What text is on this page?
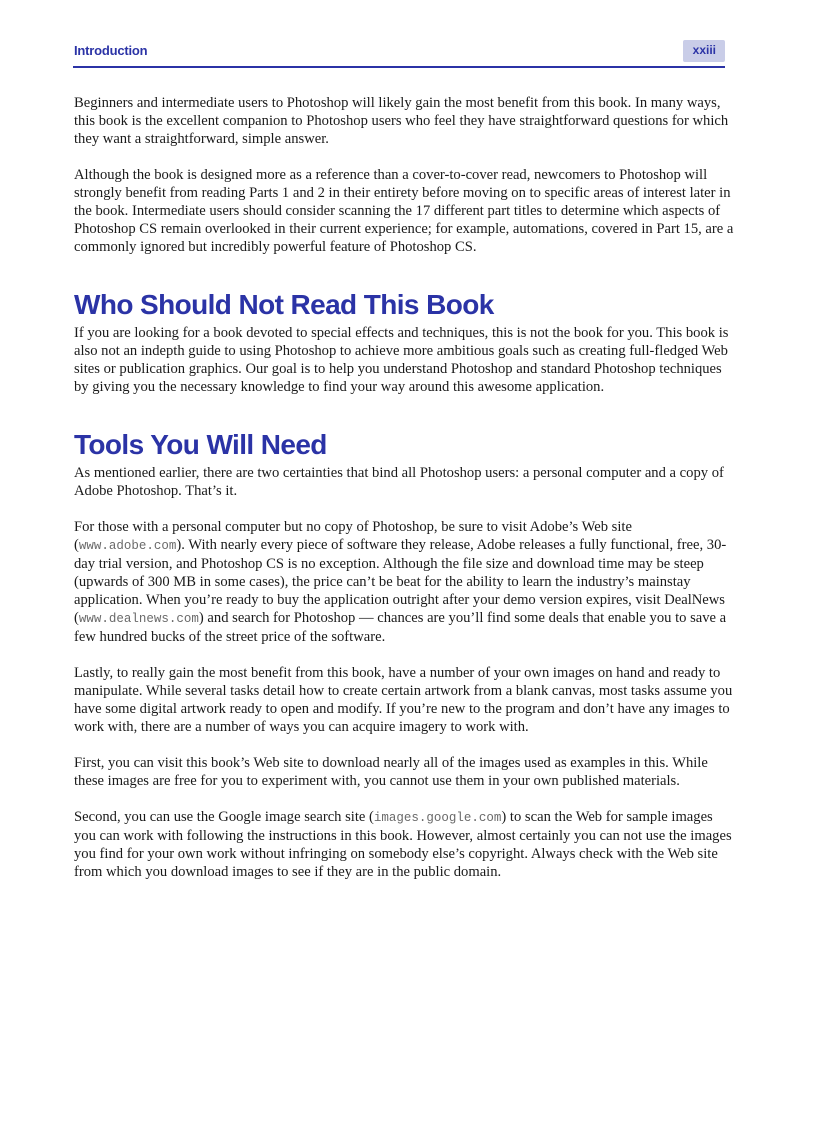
Introduction	xxiii

Beginners and intermediate users to Photoshop will likely gain the most benefit from this book. In many ways, this book is the excellent companion to Photoshop users who feel they have straightforward questions for which they want a straightforward, simple answer.

Although the book is designed more as a reference than a cover-to-cover read, newcomers to Photoshop will strongly benefit from reading Parts 1 and 2 in their entirety before moving on to specific areas of interest later in the book. Intermediate users should consider scanning the 17 different part titles to determine which aspects of Photoshop CS remain overlooked in their current experience; for example, automations, covered in Part 15, are a commonly ignored but incredibly powerful feature of Photoshop CS.

Who Should Not Read This Book

If you are looking for a book devoted to special effects and techniques, this is not the book for you. This book is also not an indepth guide to using Photoshop to achieve more ambitious goals such as creating full-fledged Web sites or publication graphics. Our goal is to help you understand Photoshop and standard Photoshop techniques by giving you the necessary knowledge to find your way around this awesome application.

Tools You Will Need

As mentioned earlier, there are two certainties that bind all Photoshop users: a personal computer and a copy of Adobe Photoshop. That’s it.

For those with a personal computer but no copy of Photoshop, be sure to visit Adobe’s Web site (www.adobe.com). With nearly every piece of software they release, Adobe releases a fully functional, free, 30-day trial version, and Photoshop CS is no exception. Although the file size and download time may be steep (upwards of 300 MB in some cases), the price can’t be beat for the ability to learn the industry’s mainstay application. When you’re ready to buy the application outright after your demo version expires, visit DealNews (www.dealnews.com) and search for Photoshop — chances are you’ll find some deals that enable you to save a few hundred bucks of the street price of the software.

Lastly, to really gain the most benefit from this book, have a number of your own images on hand and ready to manipulate. While several tasks detail how to create certain artwork from a blank canvas, most tasks assume you have some digital artwork ready to open and modify. If you’re new to the program and don’t have any images to work with, there are a number of ways you can acquire imagery to work with.

First, you can visit this book’s Web site to download nearly all of the images used as examples in this. While these images are free for you to experiment with, you cannot use them in your own published materials.

Second, you can use the Google image search site (images.google.com) to scan the Web for sample images you can work with following the instructions in this book. However, almost certainly you can not use the images you find for your own work without infringing on somebody else’s copyright. Always check with the Web site from which you download images to see if they are in the public domain.
